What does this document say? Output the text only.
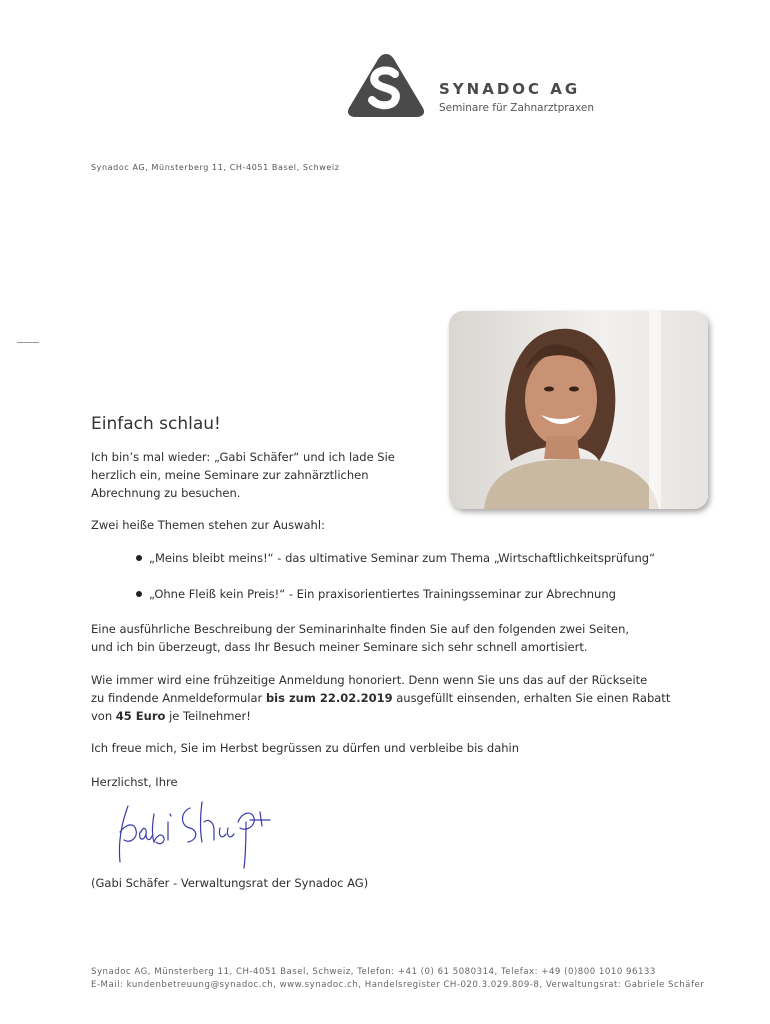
SYNADOC AG
Seminare für Zahnarztpraxen
Synadoc AG, Münsterberg 11, CH-4051 Basel, Schweiz
Einfach schlau!
Ich bin’s mal wieder: „Gabi Schäfer“ und ich lade Sie
herzlich ein, meine Seminare zur zahnärztlichen
Abrechnung zu besuchen.
Zwei heiße Themen stehen zur Auswahl:
„Meins bleibt meins!“ - das ultimative Seminar zum Thema „Wirtschaftlichkeitsprüfung“
„Ohne Fleiß kein Preis!“ - Ein praxisorientiertes Trainingsseminar zur Abrechnung
Eine ausführliche Beschreibung der Seminarinhalte finden Sie auf den folgenden zwei Seiten,
und ich bin überzeugt, dass Ihr Besuch meiner Seminare sich sehr schnell amortisiert.
Wie immer wird eine frühzeitige Anmeldung honoriert. Denn wenn Sie uns das auf der Rückseite
zu findende Anmeldeformular bis zum 22.02.2019 ausgefüllt einsenden, erhalten Sie einen Rabatt
von 45 Euro je Teilnehmer!
Ich freue mich, Sie im Herbst begrüssen zu dürfen und verbleibe bis dahin
Herzlichst, Ihre
(Gabi Schäfer - Verwaltungsrat der Synadoc AG)
Synadoc AG, Münsterberg 11, CH-4051 Basel, Schweiz, Telefon: +41 (0) 61 5080314, Telefax: +49 (0)800 1010 96133
E-Mail: kundenbetreuung@synadoc.ch, www.synadoc.ch, Handelsregister CH-020.3.029.809-8, Verwaltungsrat: Gabriele Schäfer
